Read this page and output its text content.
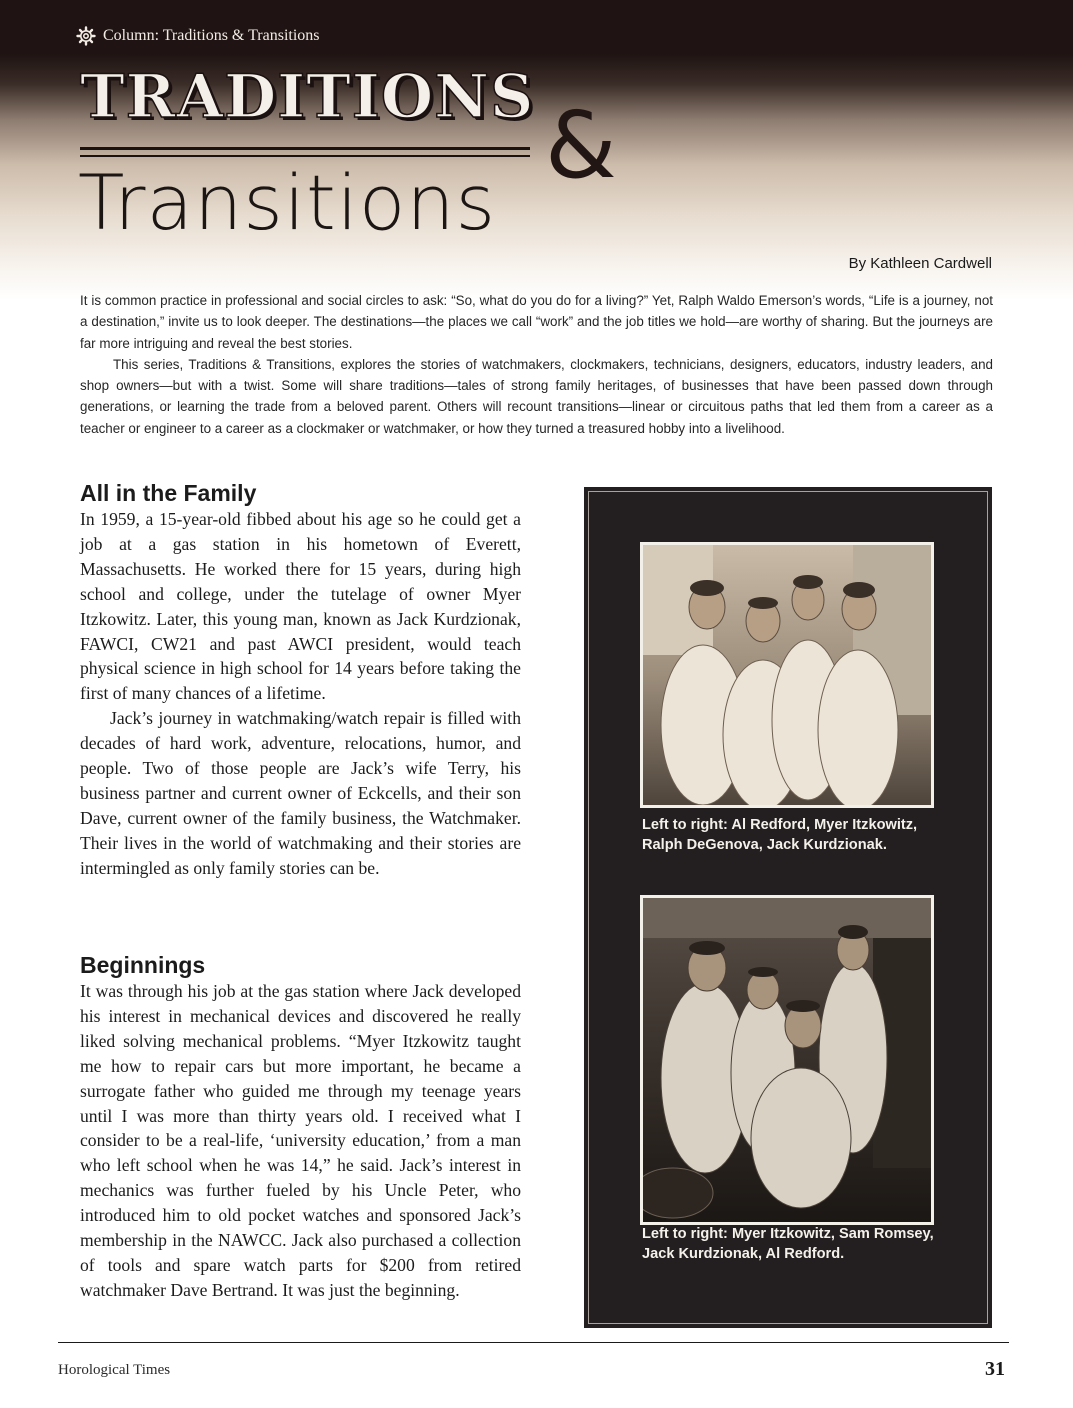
Column: Traditions & Transitions
TRADITIONS
Transitions
&
By Kathleen Cardwell

It is common practice in professional and social circles to ask: “So, what do you do for a living?” Yet, Ralph Waldo Emerson’s words, “Life is a journey, not a destination,” invite us to look deeper. The destinations—the places we call “work” and the job titles we hold—are worthy of sharing. But the journeys are far more intriguing and reveal the best stories.

This series, Traditions & Transitions, explores the stories of watchmakers, clockmakers, technicians, designers, educators, industry leaders, and shop owners—but with a twist. Some will share traditions—tales of strong family heritages, of businesses that have been passed down through generations, or learning the trade from a beloved parent. Others will recount transitions—linear or circuitous paths that led them from a career as a teacher or engineer to a career as a clockmaker or watchmaker, or how they turned a treasured hobby into a livelihood.

All in the Family

In 1959, a 15-year-old fibbed about his age so he could get a job at a gas station in his hometown of Everett, Massachusetts. He worked there for 15 years, during high school and college, under the tutelage of owner Myer Itzkowitz. Later, this young man, known as Jack Kurdzionak, FAWCI, CW21 and past AWCI president, would teach physical science in high school for 14 years before taking the first of many chances of a lifetime.

Jack’s journey in watchmaking/watch repair is filled with decades of hard work, adventure, relocations, humor, and people. Two of those people are Jack’s wife Terry, his business partner and current owner of Eckcells, and their son Dave, current owner of the family business, the Watchmaker. Their lives in the world of watchmaking and their stories are intermingled as only family stories can be.

Beginnings

It was through his job at the gas station where Jack developed his interest in mechanical devices and discovered he really liked solving mechanical problems. “Myer Itzkowitz taught me how to repair cars but more important, he became a surrogate father who guided me through my teenage years until I was more than thirty years old. I received what I consider to be a real-life, ‘university education,’ from a man who left school when he was 14,” he said. Jack’s interest in mechanics was further fueled by his Uncle Peter, who introduced him to old pocket watches and sponsored Jack’s membership in the NAWCC. Jack also purchased a collection of tools and spare watch parts for $200 from retired watchmaker Dave Bertrand. It was just the beginning.

Left to right: Al Redford, Myer Itzkowitz, Ralph DeGenova, Jack Kurdzionak.

Left to right: Myer Itzkowitz, Sam Romsey, Jack Kurdzionak, Al Redford.

Horological Times	31
